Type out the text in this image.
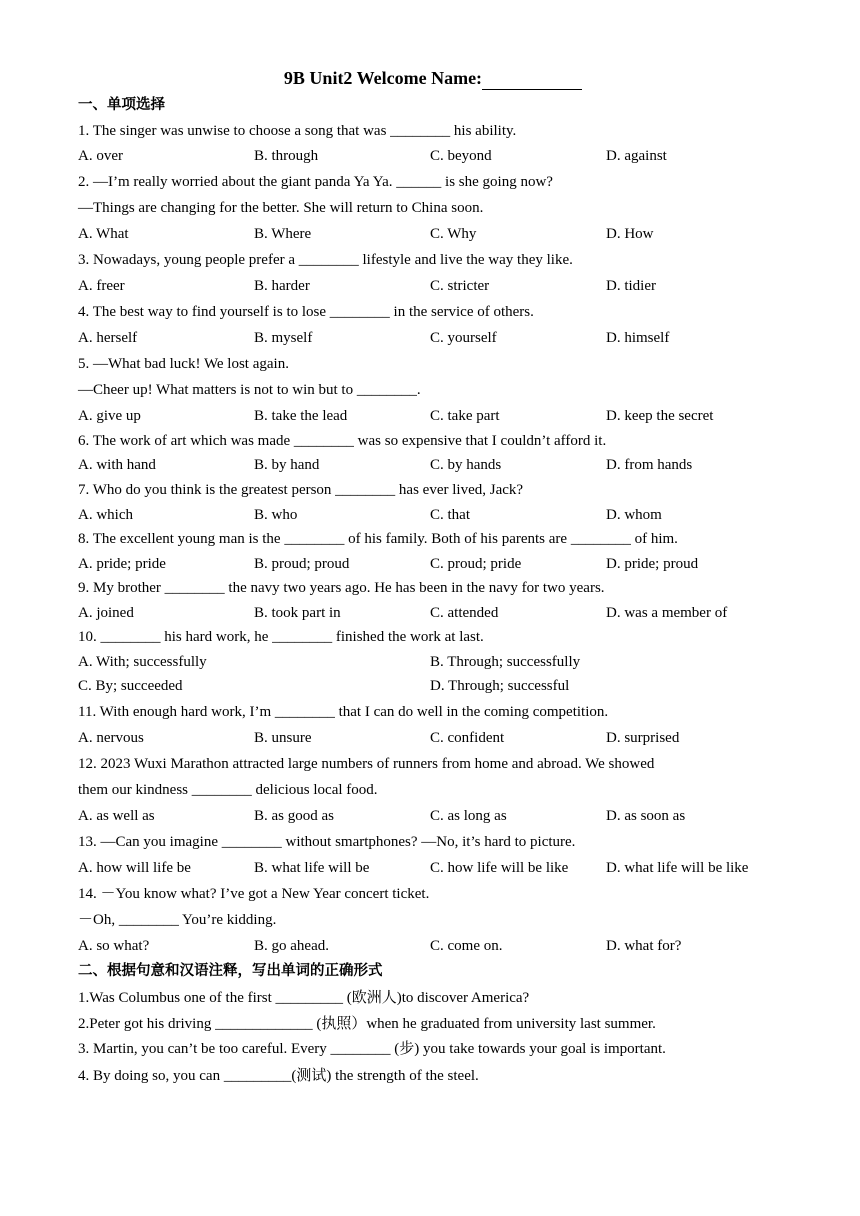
9B Unit2 Welcome Name:
一、单项选择
1. The singer was unwise to choose a song that was ________ his ability.
A. over	B. through	C. beyond	D. against
2. —I’m really worried about the giant panda Ya Ya. ______ is she going now?
—Things are changing for the better. She will return to China soon.
A. What	B. Where	C. Why	D. How
3. Nowadays, young people prefer a ________ lifestyle and live the way they like.
A. freer	B. harder	C. stricter	D. tidier
4. The best way to find yourself is to lose ________ in the service of others.
A. herself	B. myself	C. yourself	D. himself
5. —What bad luck! We lost again.
—Cheer up! What matters is not to win but to ________.
A. give up	B. take the lead	C. take part	D. keep the secret
6. The work of art which was made ________ was so expensive that I couldn’t afford it.
A. with hand	B. by hand	C. by hands	D. from hands
7. Who do you think is the greatest person ________ has ever lived, Jack?
A. which	B. who	C. that	D. whom
8. The excellent young man is the ________ of his family. Both of his parents are ________ of him.
A. pride; pride	B. proud; proud	C. proud; pride	D. pride; proud
9. My brother ________ the navy two years ago. He has been in the navy for two years.
A. joined	B. took part in	C. attended	D. was a member of
10. ________ his hard work, he ________ finished the work at last.
A. With; successfully	B. Through; successfully
C. By; succeeded	D. Through; successful
11. With enough hard work, I’m ________ that I can do well in the coming competition.
A. nervous	B. unsure	C. confident	D. surprised
12. 2023 Wuxi Marathon attracted large numbers of runners from home and abroad. We showed
them our kindness ________ delicious local food.
A. as well as	B. as good as	C. as long as	D. as soon as
13. —Can you imagine ________ without smartphones? —No, it’s hard to picture.
A. how will life be	B. what life will be	C. how life will be like	D. what life will be like
14. －You know what? I’ve got a New Year concert ticket.
－Oh, ________ You’re kidding.
A. so what?	B. go ahead.	C. come on.	D. what for?
二、根据句意和汉语注释，写出单词的正确形式
1.Was Columbus one of the first _________ (欧洲人)to discover America?
2.Peter got his driving _____________ (执照）when he graduated from university last summer.
3. Martin, you can’t be too careful. Every ________ (步) you take towards your goal is important.
4. By doing so, you can _________(测试) the strength of the steel.
